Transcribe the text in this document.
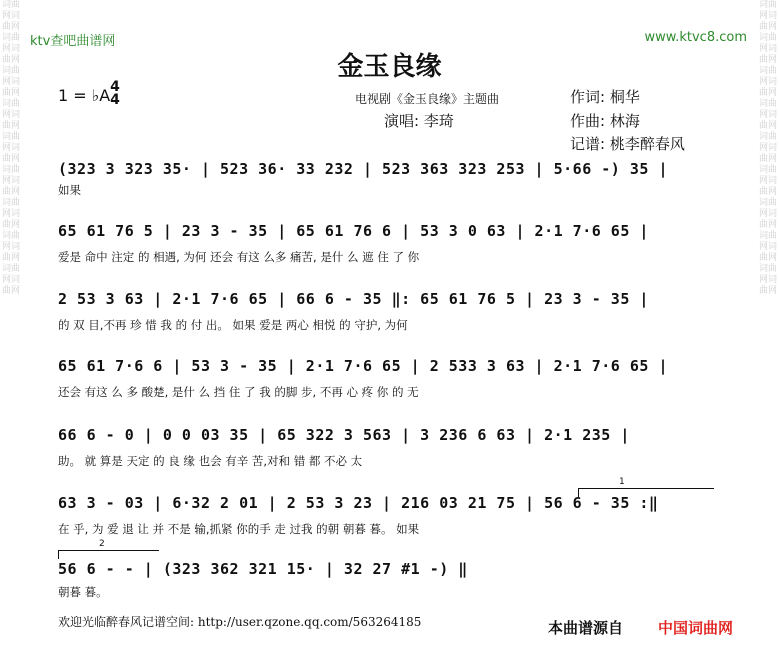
词曲网词曲网词曲网词曲网词曲网词曲网词曲网词曲网词曲网词曲网词曲网词曲网词曲网词曲网词曲网词曲网词曲网词曲网
词曲网词曲网词曲网词曲网词曲网词曲网词曲网词曲网词曲网词曲网词曲网词曲网词曲网词曲网词曲网词曲网词曲网词曲网
ktv查吧曲谱网	www.ktvc8.com
金玉良缘
1 = ♭A 4
4	电视剧《金玉良缘》主题曲
演唱: 李琦
作词: 桐华
作曲: 林海
记谱: 桃李醉春风
(323 3 323 35· | 523 36· 33 232 | 523 363 323 253 | 5·66 -) 35 |
如果
65 61 76 5 | 23 3 - 35 | 65 61 76 6 | 53 3 0 63 | 2·1 7·6 65 |
爱是 命中 注定 的 相遇, 为何 还会 有这 么多 痛苦, 是什 么 遮 住 了 你
2 53 3 63 | 2·1 7·6 65 | 66 6 - 35 ‖: 65 61 76 5 | 23 3 - 35 |
的 双 目,不再 珍 惜 我 的 付 出。 如果 爱是 两心 相悦 的 守护, 为何
65 61 7·6 6 | 53 3 - 35 | 2·1 7·6 65 | 2 533 3 63 | 2·1 7·6 65 |
还会 有这 么 多 酸楚, 是什 么 挡 住 了 我 的脚 步, 不再 心 疼 你 的 无
66 6 - 0 | 0 0 03 35 | 65 322 3 563 | 3 236 6 63 | 2·1 235 |
助。 就 算是 天定 的 良 缘 也会 有辛 苦,对和 错 都 不必 太
1
63 3 - 03 | 6·32 2 01 | 2 53 3 23 | 216 03 21 75 | 56 6 - 35 :‖
在 乎, 为 爱 退 让 并 不是 输,抓紧 你的手 走 过我 的朝 朝暮 暮。 如果
2
56 6 - - | (323 362 321 15· | 32 27 #1 -) ‖
朝暮 暮。
欢迎光临醉春风记谱空间: http://user.qzone.qq.com/563264185	本曲谱源自 中国词曲网
